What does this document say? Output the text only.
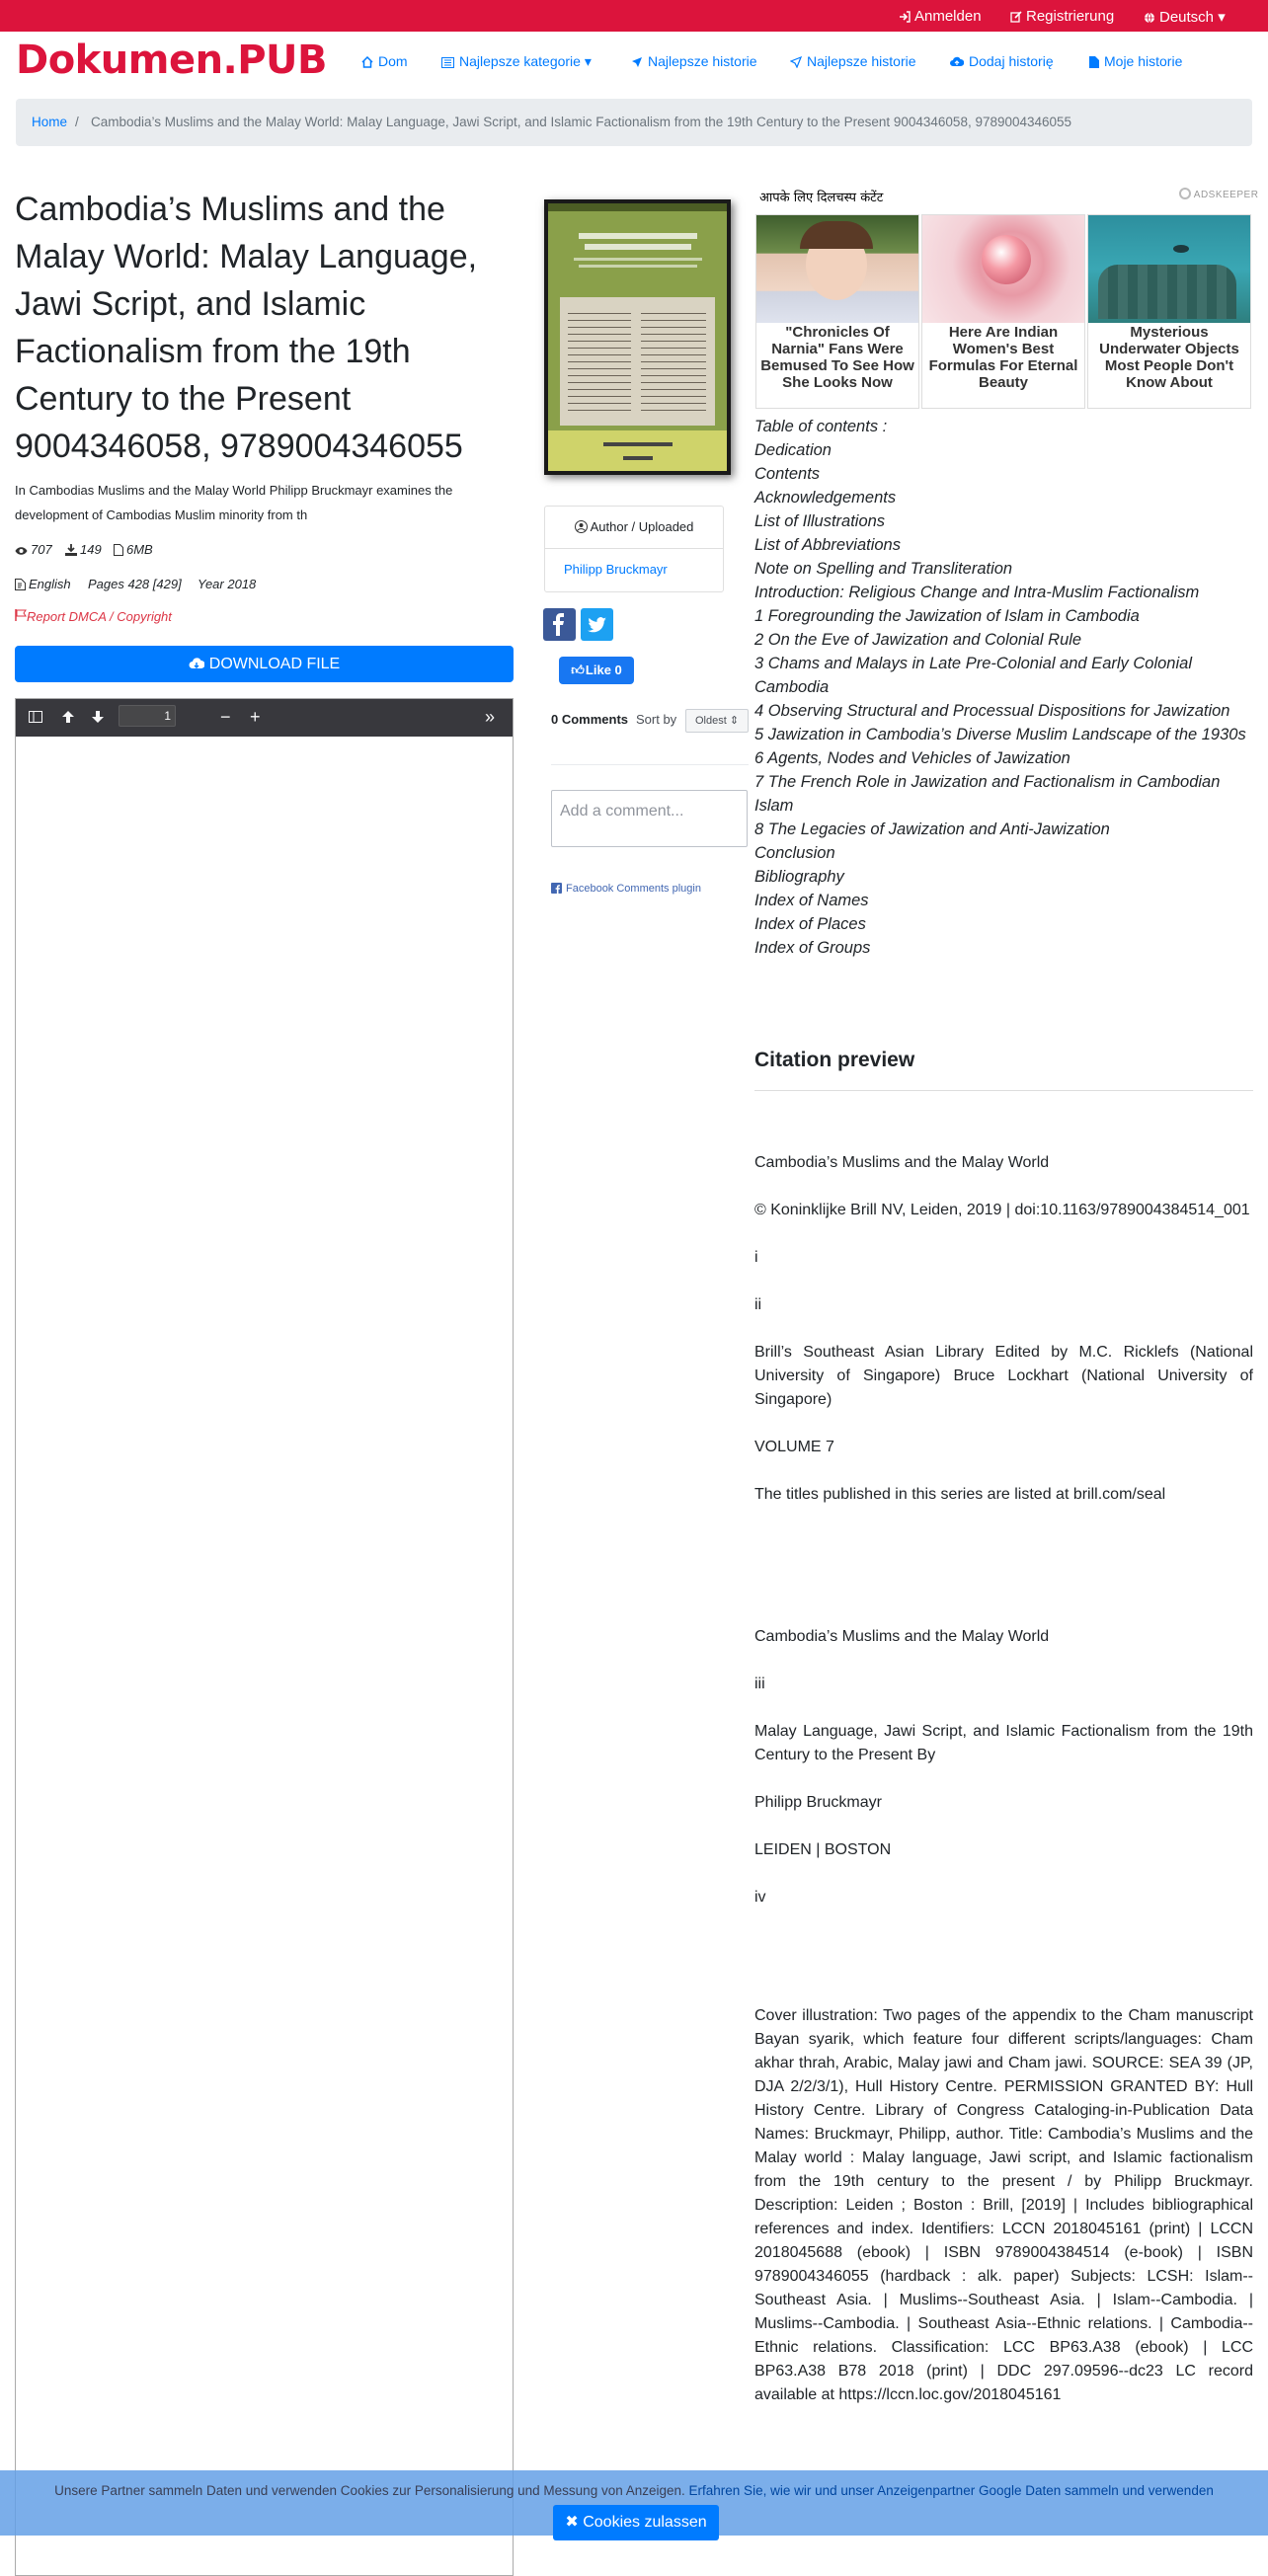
Anmelden	Registrierung	Deutsch ▾
Dokumen.PUB	Dom	Najlepsze kategorie ▾	Najlepsze historie	Najlepsze historie	Dodaj historię	Moje historie
Home / Cambodia’s Muslims and the Malay World: Malay Language, Jawi Script, and Islamic Factionalism from the 19th Century to the Present 9004346058, 9789004346055
Cambodia’s Muslims and the Malay World: Malay Language, Jawi Script, and Islamic Factionalism from the 19th Century to the Present 9004346058, 9789004346055
In Cambodias Muslims and the Malay World Philipp Bruckmayr examines the development of Cambodias Muslim minority from th
707	149	6MB
English Pages 428 [429] Year 2018
Report DMCA / Copyright
DOWNLOAD FILE
1	− +	»
Author / Uploaded
Philipp Bruckmayr
👍︎ Like 0
0 Comments Sort by	Oldest ⇕
Add a comment...
Facebook Comments plugin
आपके लिए दिलचस्प कंटेंट	ADSKEEPER
"Chronicles Of Narnia" Fans Were Bemused To See How She Looks Now
Here Are Indian Women's Best Formulas For Eternal Beauty
Mysterious Underwater Objects Most People Don't Know About
Table of contents :
Dedication
Contents
Acknowledgements
List of Illustrations
List of Abbreviations
Note on Spelling and Transliteration
Introduction: Religious Change and Intra-Muslim Factionalism
1 Foregrounding the Jawization of Islam in Cambodia
2 On the Eve of Jawization and Colonial Rule
3 Chams and Malays in Late Pre-Colonial and Early Colonial Cambodia
4 Observing Structural and Processual Dispositions for Jawization
5 Jawization in Cambodia’s Diverse Muslim Landscape of the 1930s
6 Agents, Nodes and Vehicles of Jawization
7 The French Role in Jawization and Factionalism in Cambodian Islam
8 The Legacies of Jawization and Anti-Jawization
Conclusion
Bibliography
Index of Names
Index of Places
Index of Groups
Citation preview

Cambodia’s Muslims and the Malay World

© Koninklijke Brill NV, Leiden, 2019 | doi:10.1163/9789004384514_001

i

ii

Brill’s Southeast Asian Library Edited by M.C. Ricklefs (National University of Singapore) Bruce Lockhart (National University of Singapore)

VOLUME 7

The titles published in this series are listed at brill.com/seal

Cambodia’s Muslims and the Malay World

iii

Malay Language, Jawi Script, and Islamic Factionalism from the 19th Century to the Present By

Philipp Bruckmayr

LEIDEN | BOSTON

iv

Cover illustration: Two pages of the appendix to the Cham manuscript Bayan syarik, which feature four different scripts/languages: Cham akhar thrah, Arabic, Malay jawi and Cham jawi. SOURCE: SEA 39 (JP, DJA 2/2/3/1), Hull History Centre. PERMISSION GRANTED BY: Hull History Centre. Library of Congress Cataloging-in-Publication Data Names: Bruckmayr, Philipp, author. Title: Cambodia’s Muslims and the Malay world : Malay language, Jawi script, and Islamic factionalism from the 19th century to the present / by Philipp Bruckmayr. Description: Leiden ; Boston : Brill, [2019] | Includes bibliographical references and index. Identifiers: LCCN 2018045161 (print) | LCCN 2018045688 (ebook) | ISBN 9789004384514 (e-book) | ISBN 9789004346055 (hardback : alk. paper) Subjects: LCSH: Islam--Southeast Asia. | Muslims--Southeast Asia. | Islam--Cambodia. | Muslims--Cambodia. | Southeast Asia--Ethnic relations. | Cambodia--Ethnic relations. Classification: LCC BP63.A38 (ebook) | LCC BP63.A38 B78 2018 (print) | DDC 297.09596--dc23 LC record available at https://lccn.loc.gov/2018045161

Unsere Partner sammeln Daten und verwenden Cookies zur Personalisierung und Messung von Anzeigen. Erfahren Sie, wie wir und unser Anzeigenpartner Google Daten sammeln und verwenden ✖ Cookies zulassen
